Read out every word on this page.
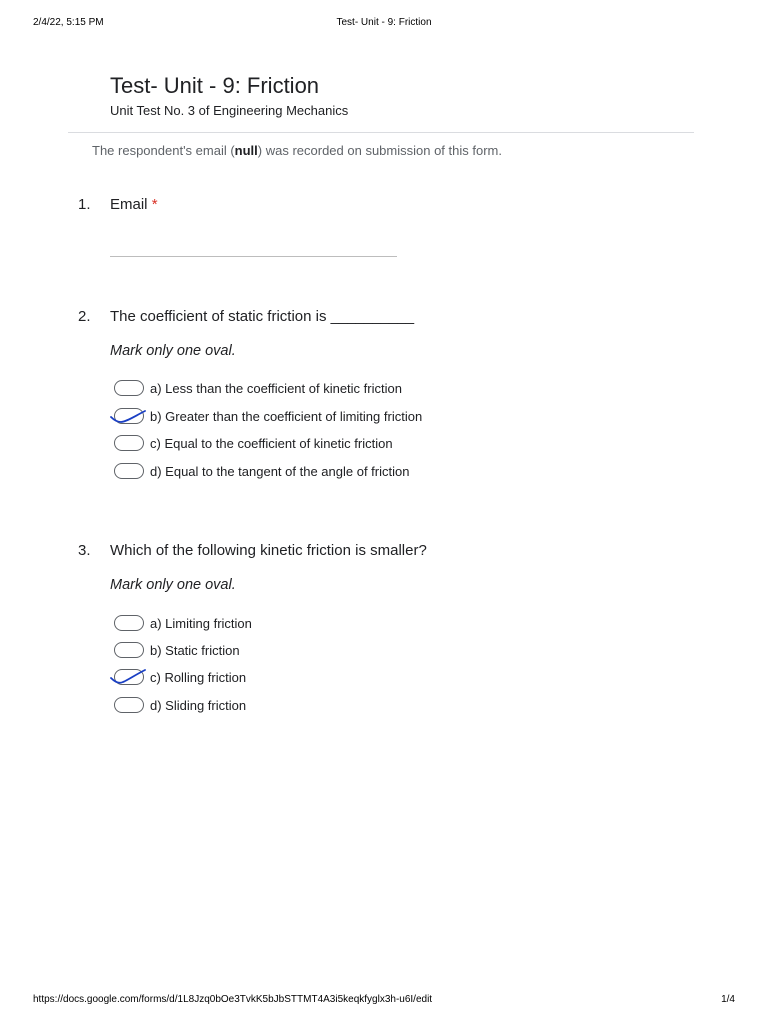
2/4/22, 5:15 PM	Test- Unit - 9: Friction
Test- Unit - 9: Friction
Unit Test No. 3 of Engineering Mechanics
The respondent's email (null) was recorded on submission of this form.
1. Email *
2. The coefficient of static friction is __________
Mark only one oval.
a) Less than the coefficient of kinetic friction
b) Greater than the coefficient of limiting friction
c) Equal to the coefficient of kinetic friction
d) Equal to the tangent of the angle of friction
3. Which of the following kinetic friction is smaller?
Mark only one oval.
a) Limiting friction
b) Static friction
c) Rolling friction
d) Sliding friction
https://docs.google.com/forms/d/1L8Jzq0bOe3TvkK5bJbSTTMT4A3i5keqkfyglx3h-u6I/edit	1/4
